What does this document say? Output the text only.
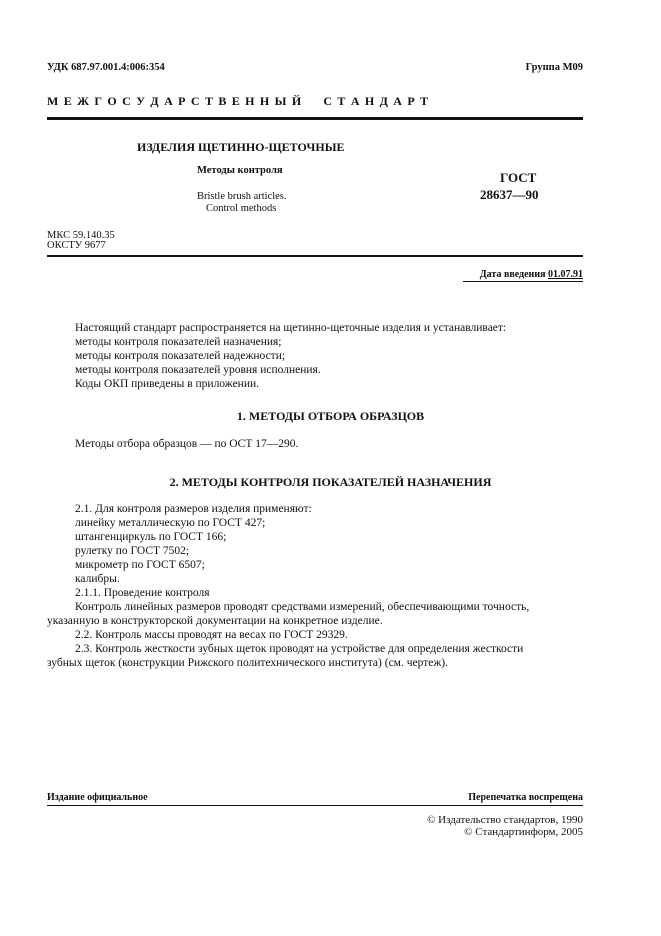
УДК 687.97.001.4:006:354	Группа М09
М Е Ж Г О С У Д А Р С Т В Е Н Н Ы Й     С Т А Н Д А Р Т
ИЗДЕЛИЯ ЩЕТИННО-ЩЕТОЧНЫЕ
Методы контроля
Bristle brush articles.
Control methods
ГОСТ
28637—90
МКС 59.140.35
ОКСТУ 9677
Дата введения 01.07.91
Настоящий стандарт распространяется на щетинно-щеточные изделия и устанавливает:
методы контроля показателей назначения;
методы контроля показателей надежности;
методы контроля показателей уровня исполнения.
Коды ОКП приведены в приложении.
1. МЕТОДЫ ОТБОРА ОБРАЗЦОВ
Методы отбора образцов — по ОСТ 17—290.
2. МЕТОДЫ КОНТРОЛЯ ПОКАЗАТЕЛЕЙ НАЗНАЧЕНИЯ
2.1. Для контроля размеров изделия применяют:
линейку металлическую по ГОСТ 427;
штангенциркуль по ГОСТ 166;
рулетку по ГОСТ 7502;
микрометр по ГОСТ 6507;
калибры.
2.1.1. Проведение контроля
Контроль линейных размеров проводят средствами измерений, обеспечивающими точность,
указанную в конструкторской документации на конкретное изделие.
2.2. Контроль массы проводят на весах по ГОСТ 29329.
2.3. Контроль жесткости зубных щеток проводят на устройстве для определения жесткости
зубных щеток (конструкции Рижского политехнического института) (см. чертеж).
Издание официальное	Перепечатка воспрещена
© Издательство стандартов, 1990
© Стандартинформ, 2005
